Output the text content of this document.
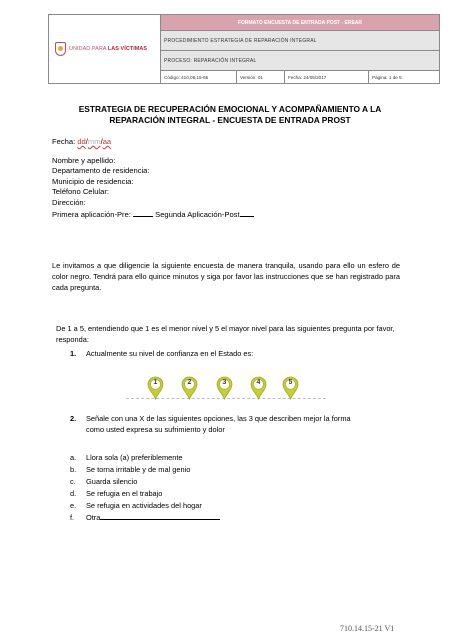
UNIDAD PARA LAS VÍCTIMAS
FORMATO ENCUESTA DE ENTRADA POST - EREAR
PROCEDIMIENTO ESTRATEGIA DE REPARACIÓN INTEGRAL
PROCESO: REPARACIÓN INTEGRAL
Código: 410,08,15-65	Versión: 01	Fecha: 24/05/2017	Página: 1 de 5
ESTRATEGIA DE RECUPERACIÓN EMOCIONAL Y ACOMPAÑAMIENTO A LA
REPARACIÓN INTEGRAL - ENCUESTA DE ENTRADA PROST
Fecha: dd/mm/aa
Nombre y apellido:
Departamento de residencia:
Municipio de residencia:
Teléfono Celular:
Dirección:
Primera aplicación-Pre:	Segunda Aplicación-Post
Le invitamos a que diligencie la siguiente encuesta de manera tranquila, usando para ello un esfero de color negro. Tendrá para ello quince minutos y siga por favor las instrucciones que se han registrado para cada pregunta.
De 1 a 5, entendiendo que 1 es el menor nivel y 5 el mayor nivel para las siguientes pregunta por favor, responda:
1. Actualmente su nivel de confianza en el Estado es:
1	2	3	4	5
2. Señale con una X de las siguientes opciones, las 3 que describen mejor la forma
como usted expresa su sufrimiento y dolor
a. Llora sola (a) preferiblemente
b. Se torna irritable y de mal genio
c. Guarda silencio
d. Se refugia en el trabajo
e. Se refugia en actividades del hogar
f. Otra
710.14.15-21 V1
